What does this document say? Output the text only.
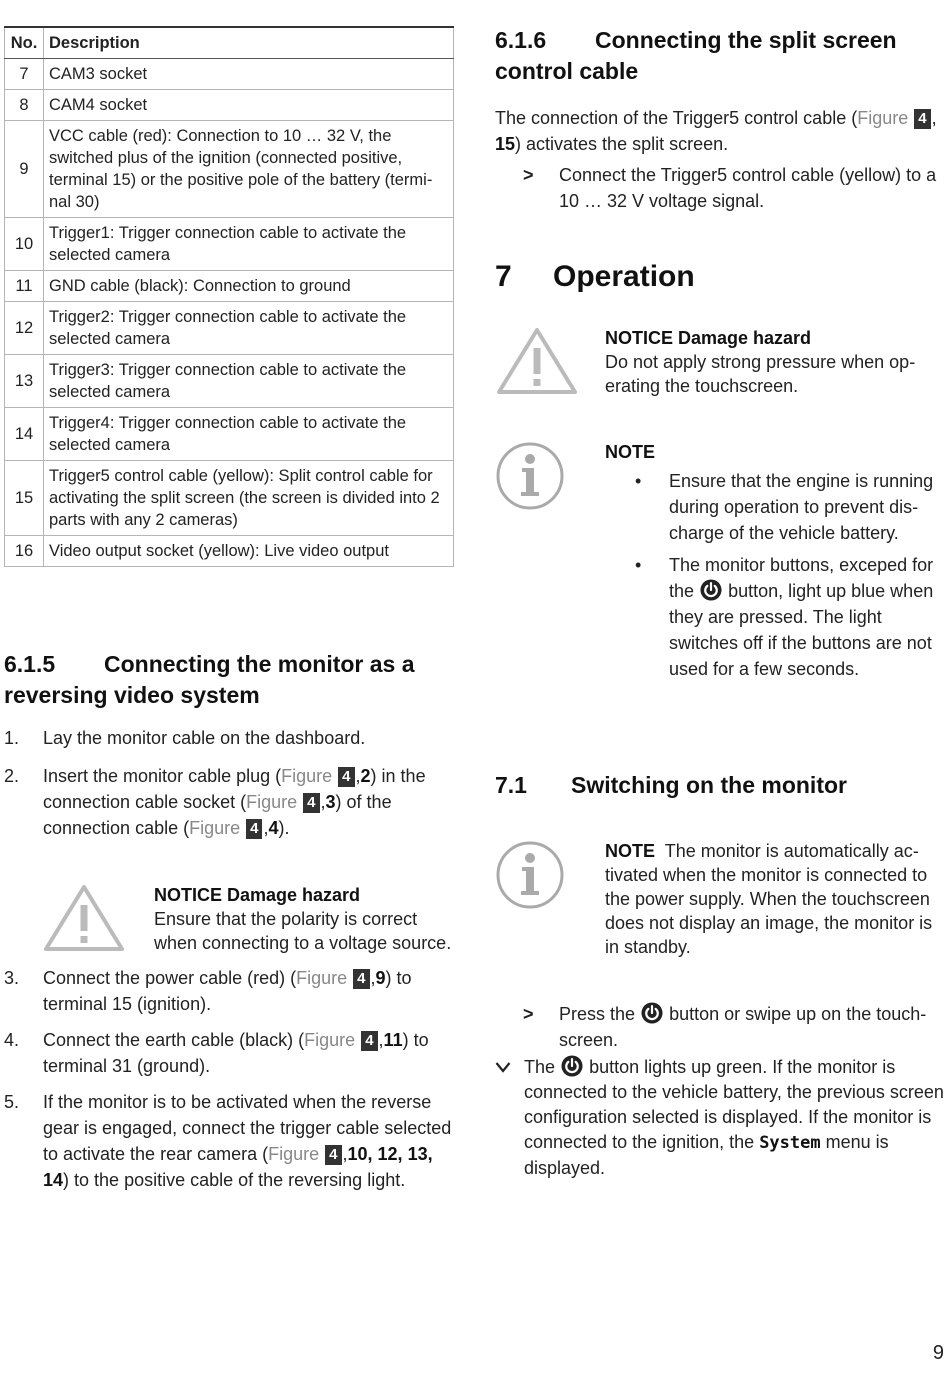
No.	Description
7	CAM3 socket
8	CAM4 socket
9	VCC cable (red): Connection to 10 … 32 V, the switched plus of the ignition (connected positive, terminal 15) or the positive pole of the battery (terminal 30)
10	Trigger1: Trigger connection cable to activate the selected camera
11	GND cable (black): Connection to ground
12	Trigger2: Trigger connection cable to activate the selected camera
13	Trigger3: Trigger connection cable to activate the selected camera
14	Trigger4: Trigger connection cable to activate the selected camera
15	Trigger5 control cable (yellow): Split control cable for activating the split screen (the screen is divided into 2 parts with any 2 cameras)
16	Video output socket (yellow): Live video output
6.1.5 Connecting the monitor as a reversing video system
1. Lay the monitor cable on the dashboard.
2. Insert the monitor cable plug (Figure 4 ,2) in the connection cable socket (Figure 4 ,3) of the connection cable (Figure 4 ,4).
NOTICE Damage hazard

Ensure that the polarity is correct when connecting to a voltage source.

3. Connect the power cable (red) (Figure 4 ,9) to terminal 15 (ignition).
4. Connect the earth cable (black) (Figure 4 ,11) to terminal 31 (ground).
5. If the monitor is to be activated when the reverse gear is engaged, connect the trigger cable selected to activate the rear camera (Figure 4 ,10, 12, 13, 14) to the positive cable of the reversing light.
6.1.6 Connecting the split screen control cable

The connection of the Trigger5 control cable (Figure 4 , 15) activates the split screen.

> Connect the Trigger5 control cable (yellow) to a 10 … 32 V voltage signal.
7 Operation
NOTICE Damage hazard

Do not apply strong pressure when operating the touchscreen.

NOTE
• Ensure that the engine is running during operation to prevent discharge of the vehicle battery.
• The monitor buttons, exceped for the button, light up blue when they are pressed. The light switches off if the buttons are not used for a few seconds.
7.1 Switching on the monitor

NOTE The monitor is automatically activated when the monitor is connected to the power supply. When the touchscreen does not display an image, the monitor is in standby.

> Press the button or swipe up on the touchscreen.
The button lights up green. If the monitor is connected to the vehicle battery, the previous screen configuration selected is displayed. If the monitor is connected to the ignition, the System menu is displayed.
9
